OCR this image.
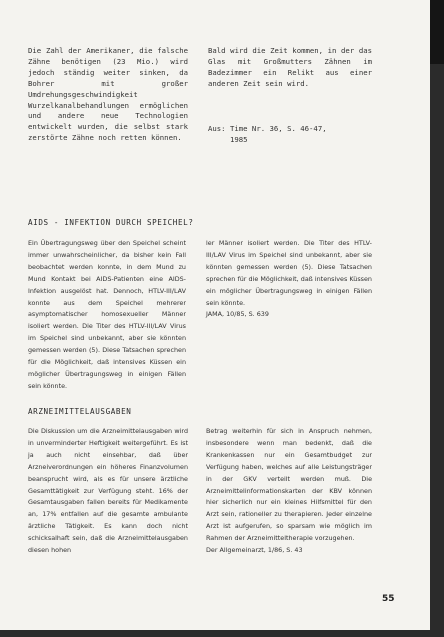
Die Zahl der Amerikaner, die falsche Zähne benötigen (23 Mio.) wird jedoch ständig weiter sinken, da Bohrer mit großer Umdrehungsgeschwindigkeit Wurzelkanalbehandlungen ermöglichen und andere neue Technologien entwickelt wurden, die selbst stark zerstörte Zähne noch retten können.

Bald wird die Zeit kommen, in der das Glas mit Großmutters Zähnen im Badezimmer ein Relikt aus einer anderen Zeit sein wird.

Aus: Time Nr. 36, S. 46-47,
1985
AIDS - INFEKTION DURCH SPEICHEL?

Ein Übertragungsweg über den Speichel scheint immer unwahrscheinlicher, da bisher kein Fall beobachtet werden konnte, in dem Mund zu Mund Kontakt bei AIDS-Patienten eine AIDS-Infektion ausgelöst hat. Dennoch, HTLV-III/LAV konnte aus dem Speichel mehrerer asymptomatischer homosexueller Männer isoliert werden. Die Titer des HTLV-III/LAV Virus im Speichel sind unbekannt, aber sie könnten gemessen werden (5). Diese Tatsachen sprechen für die Möglichkeit, daß intensives Küssen ein möglicher Übertragungsweg in einigen Fällen sein könnte.

ler Männer isoliert werden. Die Titer des HTLV-III/LAV Virus im Speichel sind unbekannt, aber sie könnten gemessen werden (5). Diese Tatsachen sprechen für die Möglichkeit, daß intensives Küssen ein möglicher Übertragungsweg in einigen Fällen sein könnte.

JAMA, 10/85, S. 639

ARZNEIMITTELAUSGABEN

Die Diskussion um die Arzneimittelausgaben wird in unverminderter Heftigkeit weitergeführt. Es ist ja auch nicht einsehbar, daß über Arzneiverordnungen ein höheres Finanzvolumen beansprucht wird, als es für unsere ärztliche Gesamttätigkeit zur Verfügung steht. 16% der Gesamtausgaben fallen bereits für Medikamente an, 17% entfallen auf die gesamte ambulante ärztliche Tätigkeit. Es kann doch nicht schicksalhaft sein, daß die Arzneimittelausgaben diesen hohen

Betrag weiterhin für sich in Anspruch nehmen, insbesondere wenn man bedenkt, daß die Krankenkassen nur ein Gesamtbudget zur Verfügung haben, welches auf alle Leistungsträger in der GKV verteilt werden muß. Die Arzneimittelinformationskarten der KBV können hier sicherlich nur ein kleines Hilfsmittel für den Arzt sein, rationeller zu therapieren. Jeder einzelne Arzt ist aufgerufen, so sparsam wie möglich im Rahmen der Arzneimitteltherapie vorzugehen.

Der Allgemeinarzt, 1/86, S. 43

55
